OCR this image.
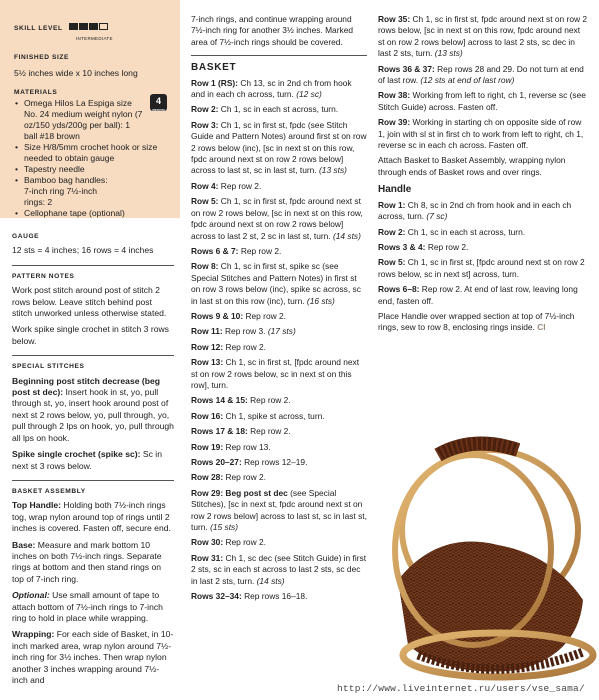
SKILL LEVEL
INTERMEDIATE
FINISHED SIZE
5½ inches wide x 10 inches long
MATERIALS
• Omega Hilos La Espiga size No. 24 medium weight nylon (7 oz/150 yds/200g per ball): 1 ball #18 brown
• Size H/8/5mm crochet hook or size needed to obtain gauge
• Tapestry needle
• Bamboo bag handles: 7-inch ring 7½-inch rings: 2
• Cellophane tape (optional)
4
MEDIUM
GAUGE

12 sts = 4 inches; 16 rows = 4 inches

PATTERN NOTES

Work post stitch around post of stitch 2 rows below. Leave stitch behind post stitch unworked unless otherwise stated.

Work spike single crochet in stitch 3 rows below.

SPECIAL STITCHES

Beginning post stitch decrease (beg post st dec): Insert hook in st, yo, pull through st, yo, insert hook around post of next st 2 rows below, yo, pull through, yo, pull through 2 lps on hook, yo, pull through all lps on hook.

Spike single crochet (spike sc): Sc in next st 3 rows below.

BASKET ASSEMBLY

Top Handle: Holding both 7½-inch rings tog, wrap nylon around top of rings until 2 inches is covered. Fasten off, secure end.

Base: Measure and mark bottom 10 inches on both 7½-inch rings. Separate rings at bottom and then stand rings on top of 7-inch ring.

Optional: Use small amount of tape to attach bottom of 7½-inch rings to 7-inch ring to hold in place while wrapping.

Wrapping: For each side of Basket, in 10-inch marked area, wrap nylon around 7½-inch ring for 3½ inches. Then wrap nylon another 3 inches wrapping around 7½-inch and

7-inch rings, and continue wrapping around 7½-inch ring for another 3½ inches. Marked area of 7½-inch rings should be covered.

BASKET

Row 1 (RS): Ch 13, sc in 2nd ch from hook and in each ch across, turn. (12 sc)

Row 2: Ch 1, sc in each st across, turn.

Row 3: Ch 1, sc in first st, fpdc (see Stitch Guide and Pattern Notes) around first st on row 2 rows below (inc), [sc in next st on this row, fpdc around next st on row 2 rows below] across to last st, sc in last st, turn. (13 sts)

Row 4: Rep row 2.

Row 5: Ch 1, sc in first st, fpdc around next st on row 2 rows below, [sc in next st on this row, fpdc around next st on row 2 rows below] across to last 2 st, 2 sc in last st, turn. (14 sts)

Rows 6 & 7: Rep row 2.

Row 8: Ch 1, sc in first st, spike sc (see Special Stitches and Pattern Notes) in first st on row 3 rows below (inc), spike sc across, sc in last st on this row (inc), turn. (16 sts)

Rows 9 & 10: Rep row 2.

Row 11: Rep row 3. (17 sts)

Row 12: Rep row 2.

Row 13: Ch 1, sc in first st, [fpdc around next st on row 2 rows below, sc in next st on this row], turn.

Rows 14 & 15: Rep row 2.

Row 16: Ch 1, spike st across, turn.

Rows 17 & 18: Rep row 2.

Row 19: Rep row 13.

Rows 20–27: Rep rows 12–19.

Row 28: Rep row 2.

Row 29: Beg post st dec (see Special Stitches), [sc in next st, fpdc around next st on row 2 rows below] across to last st, sc in last st, turn. (15 sts)

Row 30: Rep row 2.

Row 31: Ch 1, sc dec (see Stitch Guide) in first 2 sts, sc in each st across to last 2 sts, sc dec in last 2 sts, turn. (14 sts)

Rows 32–34: Rep rows 16–18.

Row 35: Ch 1, sc in first st, fpdc around next st on row 2 rows below, [sc in next st on this row, fpdc around next st on row 2 rows below] across to last 2 sts, sc dec in last 2 sts, turn. (13 sts)

Rows 36 & 37: Rep rows 28 and 29. Do not turn at end of last row. (12 sts at end of last row)

Row 38: Working from left to right, ch 1, reverse sc (see Stitch Guide) across. Fasten off.

Row 39: Working in starting ch on opposite side of row 1, join with sl st in first ch to work from left to right, ch 1, reverse sc in each ch across. Fasten off.

Attach Basket to Basket Assembly, wrapping nylon through ends of Basket rows and over rings.

Handle

Row 1: Ch 8, sc in 2nd ch from hook and in each ch across, turn. (7 sc)

Row 2: Ch 1, sc in each st across, turn.

Rows 3 & 4: Rep row 2.

Row 5: Ch 1, sc in first st, [fpdc around next st on row 2 rows below, sc in next st] across, turn.

Rows 6–8: Rep row 2. At end of last row, leaving long end, fasten off.

Place Handle over wrapped section at top of 7½-inch rings, sew to row 8, enclosing rings inside. CI

http://www.liveinternet.ru/users/vse_sama/
